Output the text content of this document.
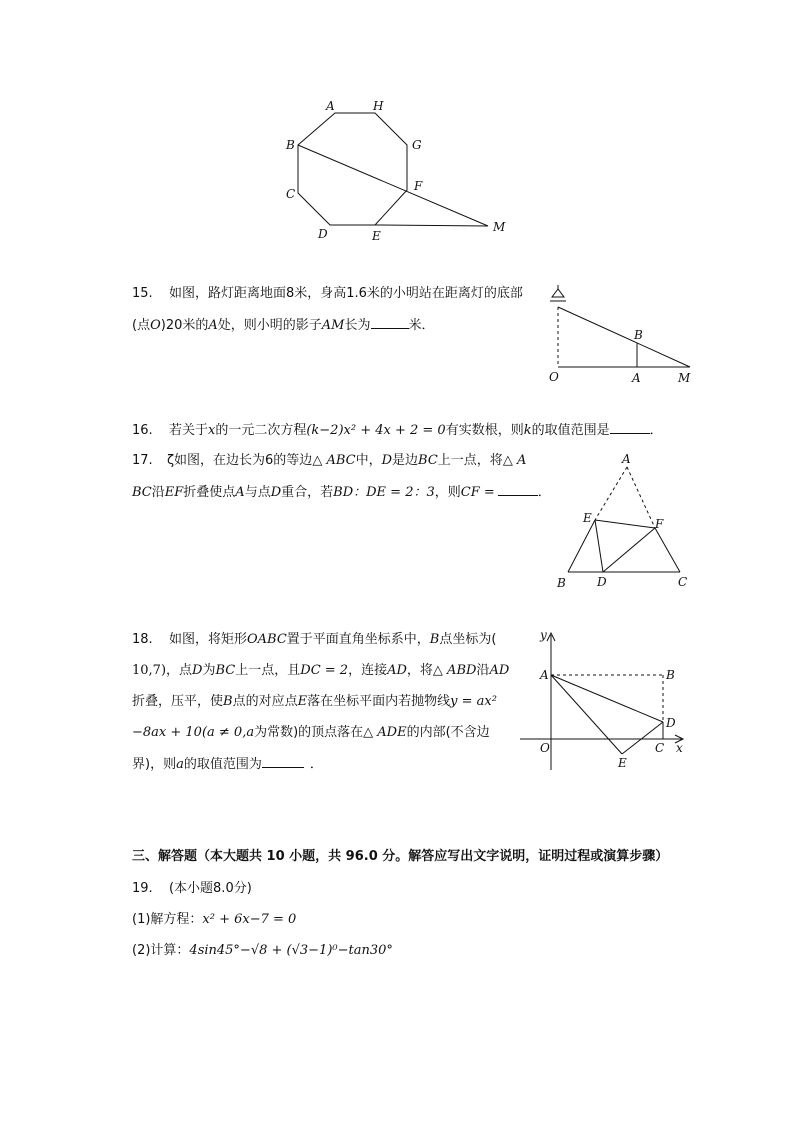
A	H
G
B
C
D	E
F
M
15. 如图，路灯距离地面8米，身高1.6米的小明站在距离灯的底部
(点O)20米的A处，则小明的影子AM长为	米．
B
O	A	M
16. 若关于x的一元二次方程(k−2)x² + 4x + 2 = 0有实数根，则k的取值范围是	．
17. ζ如图，在边长为6的等边△ ABC中，D是边BC上一点，将△ A
BC沿EF折叠使点A与点D重合，若BD：DE = 2：3，则CF =	．
A
E	F
B	D	C
18. 如图，将矩形OABC置于平面直角坐标系中，B点坐标为(
10,7)，点D为BC上一点，且DC = 2，连接AD，将△ ABD沿AD
折叠，压平，使B点的对应点E落在坐标平面内若抛物线y = ax²
−8ax + 10(a ≠ 0,a为常数)的顶点落在△ ADE的内部(不含边
界)，则a的取值范围为	．
y
A	B
D
O	C x
E
三、解答题（本大题共 10 小题，共 96.0 分。解答应写出文字说明，证明过程或演算步骤）
19. (本小题8.0分)
(1)解方程：x² + 6x−7 = 0
(2)计算：4sin45°−√8 + (√3−1)⁰−tan30°
